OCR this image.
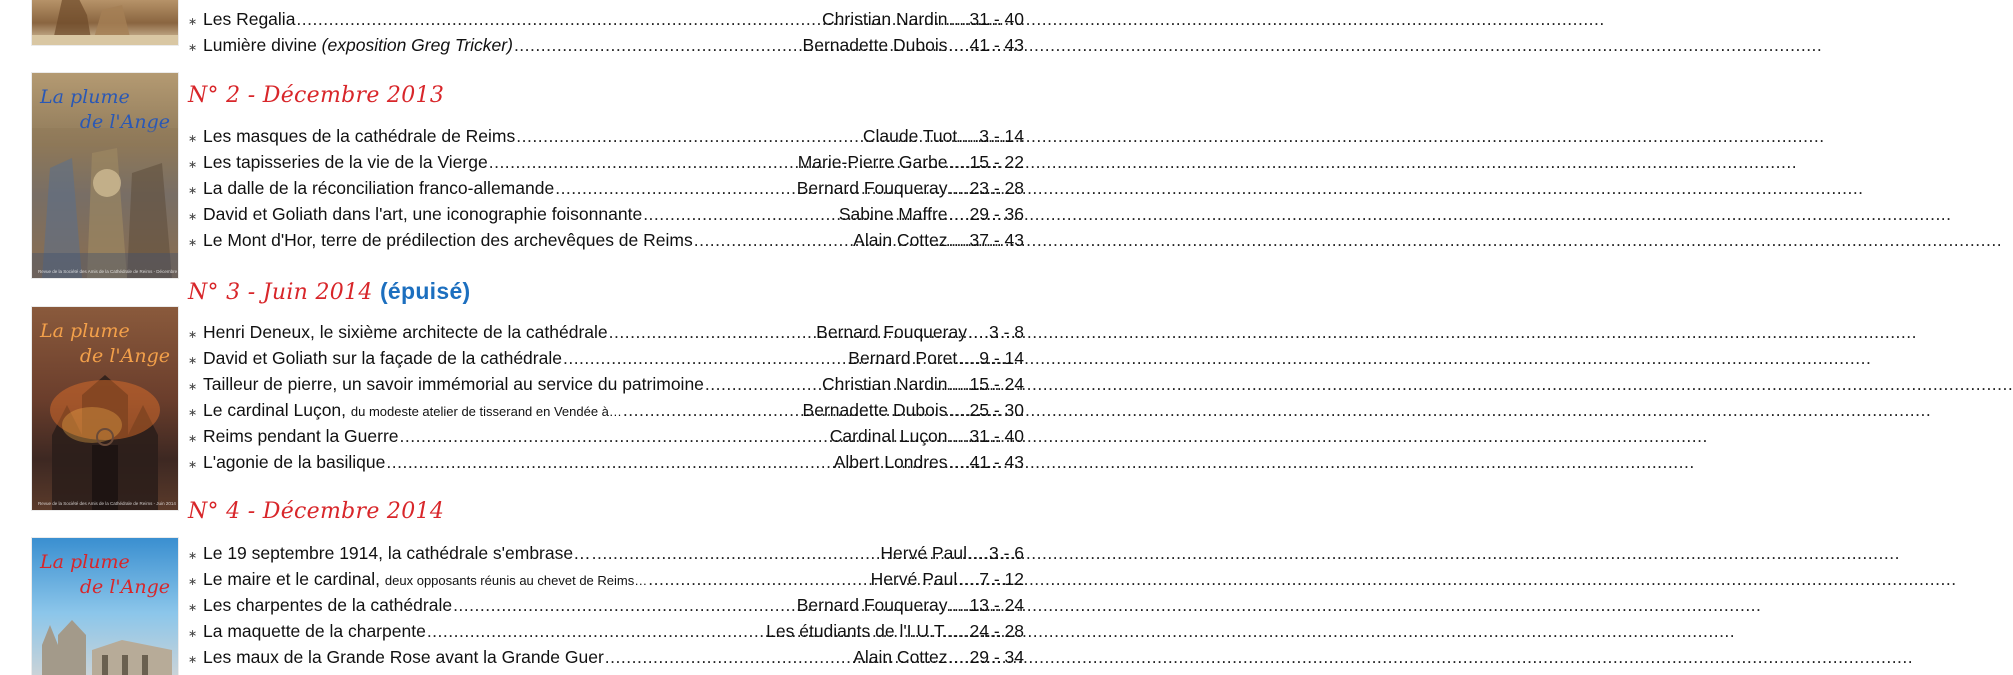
∗ Les Regalia .....	Christian Nardin ..... 31 - 40
∗ Lumière divine (exposition Greg Tricker) .....	Bernadette Dubois ..... 41 - 43
La plume
de l'Ange
Revue de la Société des Amis de la Cathédrale de Reims - Décembre 2013
N° 2 - Décembre 2013
∗ Les masques de la cathédrale de Reims .....	Claude Tuot ..... 3 - 14
∗ Les tapisseries de la vie de la Vierge .....	Marie-Pierre Garbe ..... 15 - 22
∗ La dalle de la réconciliation franco-allemande .....	Bernard Fouqueray ..... 23 - 28
∗ David et Goliath dans l'art, une iconographie foisonnante .....	Sabine Maffre ..... 29 - 36
∗ Le Mont d'Hor, terre de prédilection des archevêques de Reims .....	Alain Cottez ..... 37 - 43
La plume
de l'Ange
Revue de la Société des Amis de la Cathédrale de Reims - Juin 2014
N° 3 - Juin 2014 (épuisé)
∗ Henri Deneux, le sixième architecte de la cathédrale .....	Bernard Fouqueray ..... 3 - 8
∗ David et Goliath sur la façade de la cathédrale .....	Bernard Poret ..... 9 - 14
∗ Tailleur de pierre, un savoir immémorial au service du patrimoine .....	Christian Nardin ..... 15 - 24
∗ Le cardinal Luçon, du modeste atelier de tisserand en Vendée à… .....	Bernadette Dubois ..... 25 - 30
∗ Reims pendant la Guerre .....	Cardinal Luçon ..... 31 - 40
∗ L'agonie de la basilique .....	Albert Londres ..... 41 - 43
La plume
de l'Ange
N° 4 - Décembre 2014
∗ Le 19 septembre 1914, la cathédrale s'embrase… .....	Hervé Paul ..... 3 - 6
∗ Le maire et le cardinal, deux opposants réunis au chevet de Reims… .....	Hervé Paul ..... 7 - 12
∗ Les charpentes de la cathédrale .....	Bernard Fouqueray ..... 13 - 24
∗ La maquette de la charpente .....	Les étudiants de l'I.U.T. ..... 24 - 28
∗ Les maux de la Grande Rose avant la Grande Guer .....	Alain Cottez ..... 29 - 34
